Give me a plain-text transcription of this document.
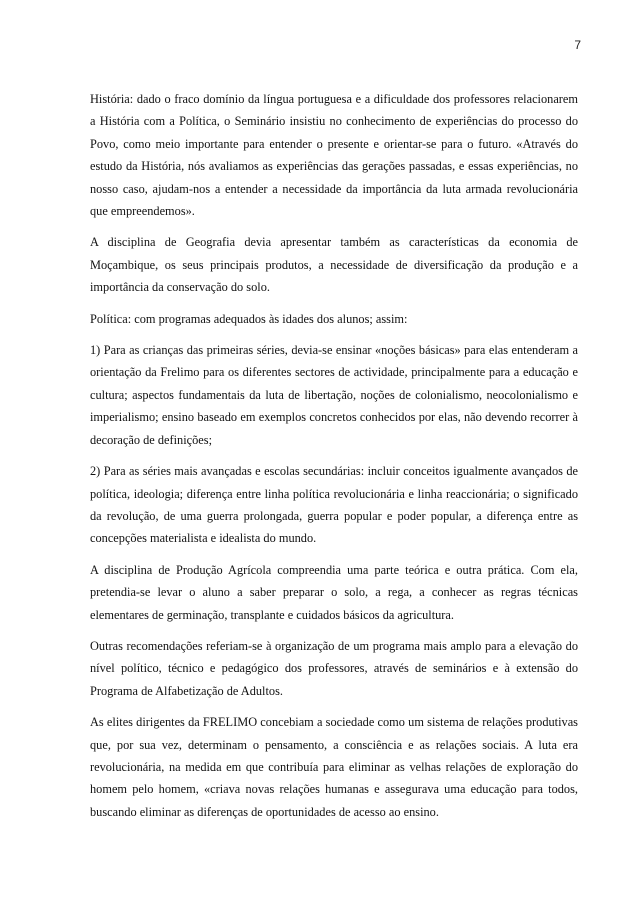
7

História: dado o fraco domínio da língua portuguesa e a dificuldade dos professores relacionarem a História com a Política, o Seminário insistiu no conhecimento de experiências do processo do Povo, como meio importante para entender o presente e orientar-se para o futuro. «Através do estudo da História, nós avaliamos as experiências das gerações passadas, e essas experiências, no nosso caso, ajudam-nos a entender a necessidade da importância da luta armada revolucionária que empreendemos».

A disciplina de Geografia devia apresentar também as características da economia de Moçambique, os seus principais produtos, a necessidade de diversificação da produção e a importância da conservação do solo.

Política: com programas adequados às idades dos alunos; assim:

1) Para as crianças das primeiras séries, devia-se ensinar «noções básicas» para elas entenderam a orientação da Frelimo para os diferentes sectores de actividade, principalmente para a educação e cultura; aspectos fundamentais da luta de libertação, noções de colonialismo, neocolonialismo e imperialismo; ensino baseado em exemplos concretos conhecidos por elas, não devendo recorrer à decoração de definições;

2) Para as séries mais avançadas e escolas secundárias: incluir conceitos igualmente avançados de política, ideologia; diferença entre linha política revolucionária e linha reaccionária; o significado da revolução, de uma guerra prolongada, guerra popular e poder popular, a diferença entre as concepções materialista e idealista do mundo.

A disciplina de Produção Agrícola compreendia uma parte teórica e outra prática. Com ela, pretendia-se levar o aluno a saber preparar o solo, a rega, a conhecer as regras técnicas elementares de germinação, transplante e cuidados básicos da agricultura.

Outras recomendações referiam-se à organização de um programa mais amplo para a elevação do nível político, técnico e pedagógico dos professores, através de seminários e à extensão do Programa de Alfabetização de Adultos.

As elites dirigentes da FRELIMO concebiam a sociedade como um sistema de relações produtivas que, por sua vez, determinam o pensamento, a consciência e as relações sociais. A luta era revolucionária, na medida em que contribuía para eliminar as velhas relações de exploração do homem pelo homem, «criava novas relações humanas e assegurava uma educação para todos, buscando eliminar as diferenças de oportunidades de acesso ao ensino.
